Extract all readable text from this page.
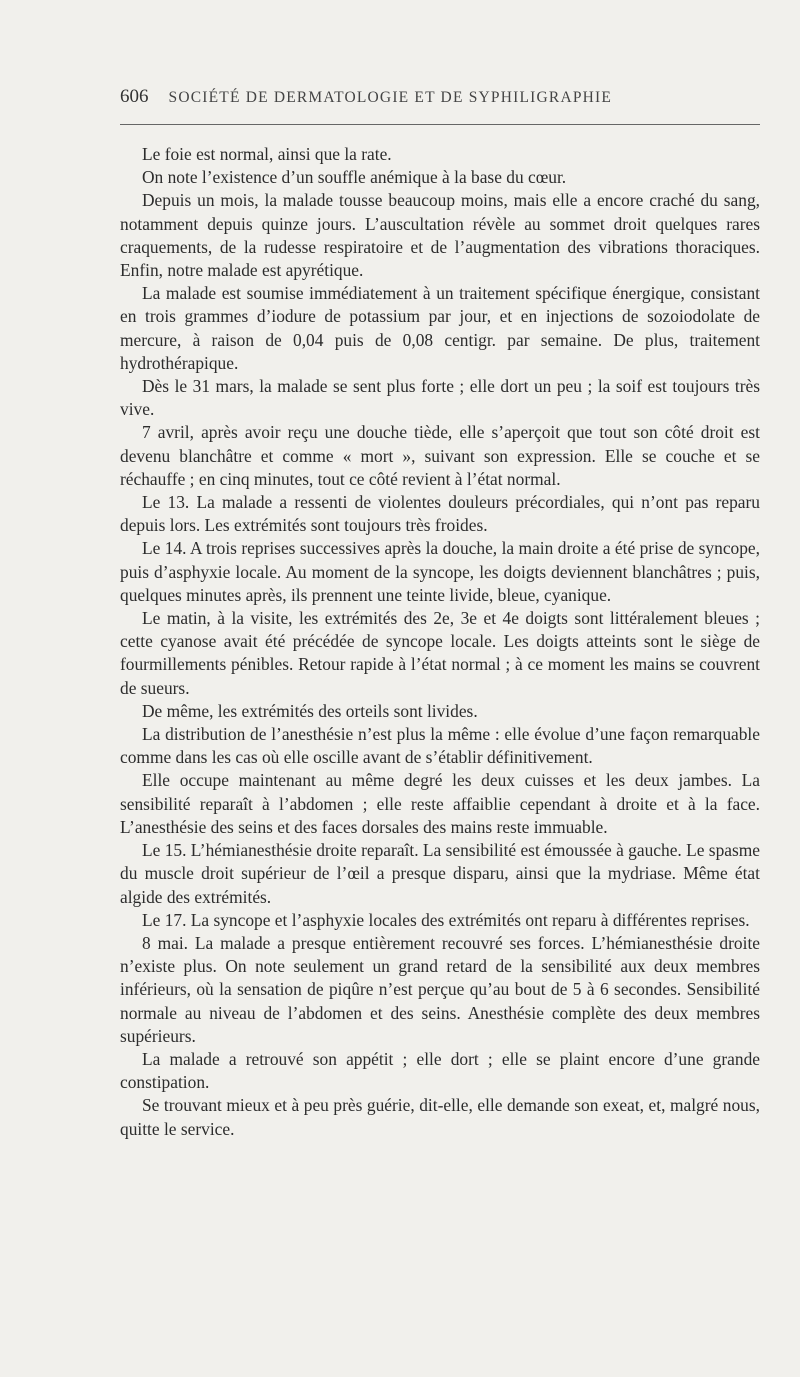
606 SOCIÉTÉ DE DERMATOLOGIE ET DE SYPHILIGRAPHIE

Le foie est normal, ainsi que la rate.

On note l’existence d’un souffle anémique à la base du cœur.

Depuis un mois, la malade tousse beaucoup moins, mais elle a encore craché du sang, notamment depuis quinze jours. L’auscultation révèle au sommet droit quelques rares craquements, de la rudesse respiratoire et de l’augmentation des vibrations thoraciques. Enfin, notre malade est apyrétique.

La malade est soumise immédiatement à un traitement spécifique énergique, consistant en trois grammes d’iodure de potassium par jour, et en injections de sozoiodolate de mercure, à raison de 0,04 puis de 0,08 centigr. par semaine. De plus, traitement hydrothérapique.

Dès le 31 mars, la malade se sent plus forte ; elle dort un peu ; la soif est toujours très vive.

7 avril, après avoir reçu une douche tiède, elle s’aperçoit que tout son côté droit est devenu blanchâtre et comme « mort », suivant son expression. Elle se couche et se réchauffe ; en cinq minutes, tout ce côté revient à l’état normal.

Le 13. La malade a ressenti de violentes douleurs précordiales, qui n’ont pas reparu depuis lors. Les extrémités sont toujours très froides.

Le 14. A trois reprises successives après la douche, la main droite a été prise de syncope, puis d’asphyxie locale. Au moment de la syncope, les doigts deviennent blanchâtres ; puis, quelques minutes après, ils prennent une teinte livide, bleue, cyanique.

Le matin, à la visite, les extrémités des 2e, 3e et 4e doigts sont littéralement bleues ; cette cyanose avait été précédée de syncope locale. Les doigts atteints sont le siège de fourmillements pénibles. Retour rapide à l’état normal ; à ce moment les mains se couvrent de sueurs.

De même, les extrémités des orteils sont livides.

La distribution de l’anesthésie n’est plus la même : elle évolue d’une façon remarquable comme dans les cas où elle oscille avant de s’établir définitivement.

Elle occupe maintenant au même degré les deux cuisses et les deux jambes. La sensibilité reparaît à l’abdomen ; elle reste affaiblie cependant à droite et à la face. L’anesthésie des seins et des faces dorsales des mains reste immuable.

Le 15. L’hémianesthésie droite reparaît. La sensibilité est émoussée à gauche. Le spasme du muscle droit supérieur de l’œil a presque disparu, ainsi que la mydriase. Même état algide des extrémités.

Le 17. La syncope et l’asphyxie locales des extrémités ont reparu à différentes reprises.

8 mai. La malade a presque entièrement recouvré ses forces. L’hémianesthésie droite n’existe plus. On note seulement un grand retard de la sensibilité aux deux membres inférieurs, où la sensation de piqûre n’est perçue qu’au bout de 5 à 6 secondes. Sensibilité normale au niveau de l’abdomen et des seins. Anesthésie complète des deux membres supérieurs.

La malade a retrouvé son appétit ; elle dort ; elle se plaint encore d’une grande constipation.

Se trouvant mieux et à peu près guérie, dit-elle, elle demande son exeat, et, malgré nous, quitte le service.
